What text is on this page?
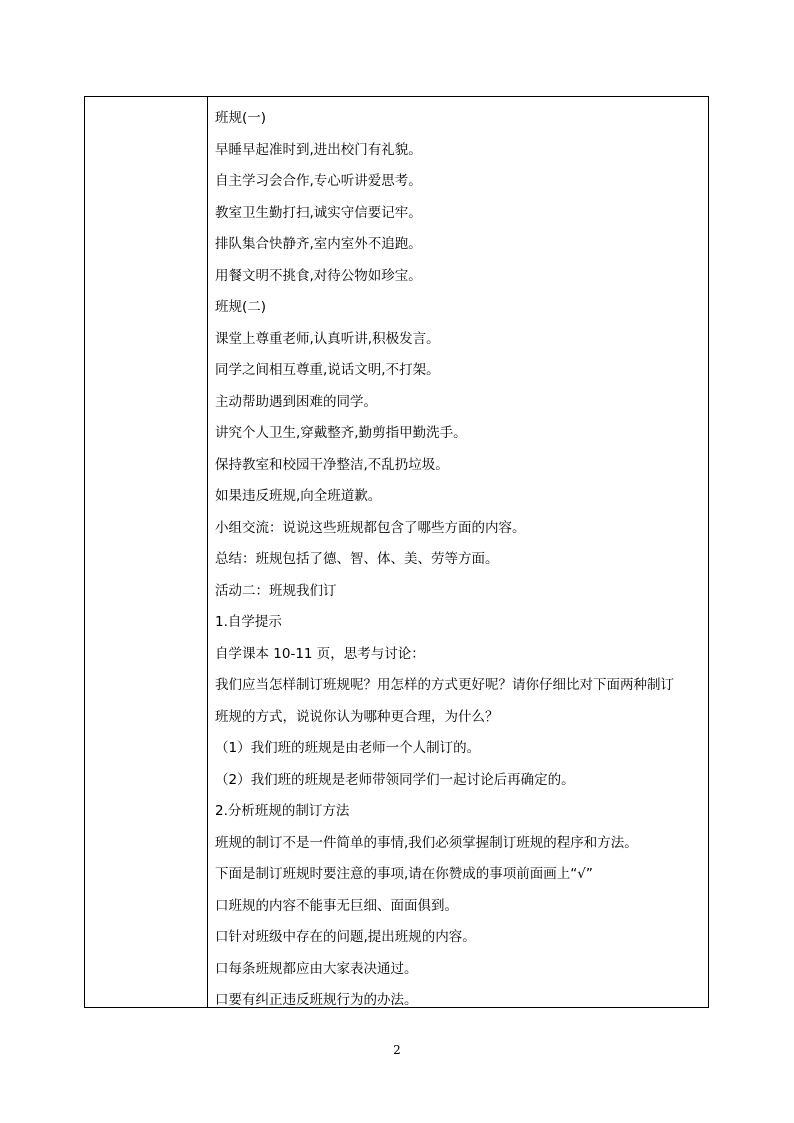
班规(一)
早睡早起准时到,进出校门有礼貌。
自主学习会合作,专心听讲爱思考。
教室卫生勤打扫,诚实守信要记牢。
排队集合快静齐,室内室外不追跑。
用餐文明不挑食,对待公物如珍宝。
班规(二)
课堂上尊重老师,认真听讲,积极发言。
同学之间相互尊重,说话文明,不打架。
主动帮助遇到困难的同学。
讲究个人卫生,穿戴整齐,勤剪指甲勤洗手。
保持教室和校园干净整洁,不乱扔垃圾。
如果违反班规,向全班道歉。
小组交流：说说这些班规都包含了哪些方面的内容。
总结：班规包括了德、智、体、美、劳等方面。
活动二：班规我们订
1.自学提示
自学课本 10-11 页，思考与讨论：
我们应当怎样制订班规呢？用怎样的方式更好呢？请你仔细比对下面两种制订
班规的方式，说说你认为哪种更合理，为什么？
（1）我们班的班规是由老师一个人制订的。
（2）我们班的班规是老师带领同学们一起讨论后再确定的。
2.分析班规的制订方法
班规的制订不是一件简单的事情,我们必须掌握制订班规的程序和方法。
下面是制订班规时要注意的事项,请在你赞成的事项前面画上“√”
口班规的内容不能事无巨细、面面俱到。
口针对班级中存在的问题,提出班规的内容。
口每条班规都应由大家表决通过。
口要有纠正违反班规行为的办法。
2
